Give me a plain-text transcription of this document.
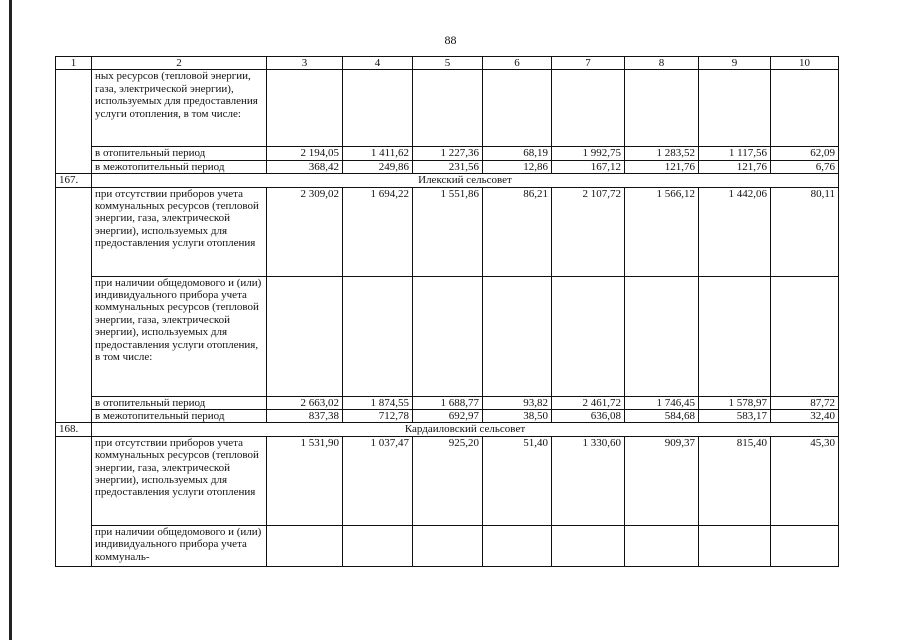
88
1	2	3	4	5	6	7	8	9	10
	ных ресурсов (тепловой энергии, газа, электрической энергии), используемых для предоставления услуги отопления, в том числе:								
	в отопительный период	2 194,05	1 411,62	1 227,36	68,19	1 992,75	1 283,52	1 117,56	62,09
	в межотопительный период	368,42	249,86	231,56	12,86	167,12	121,76	121,76	6,76
167.	Илекский сельсовет								
	при отсутствии приборов учета коммунальных ресурсов (тепловой энергии, газа, электрической энергии), используемых для предоставления услуги отопления	2 309,02	1 694,22	1 551,86	86,21	2 107,72	1 566,12	1 442,06	80,11
	при наличии общедомового и (или) индивидуального прибора учета коммунальных ресурсов (тепловой энергии, газа, электрической энергии), используемых для предоставления услуги отопления, в том числе:								
	в отопительный период	2 663,02	1 874,55	1 688,77	93,82	2 461,72	1 746,45	1 578,97	87,72
	в межотопительный период	837,38	712,78	692,97	38,50	636,08	584,68	583,17	32,40
168.	Кардаиловский сельсовет								
	при отсутствии приборов учета коммунальных ресурсов (тепловой энергии, газа, электрической энергии), используемых для предоставления услуги отопления	1 531,90	1 037,47	925,20	51,40	1 330,60	909,37	815,40	45,30
	при наличии общедомового и (или) индивидуального прибора учета коммуналь-								
